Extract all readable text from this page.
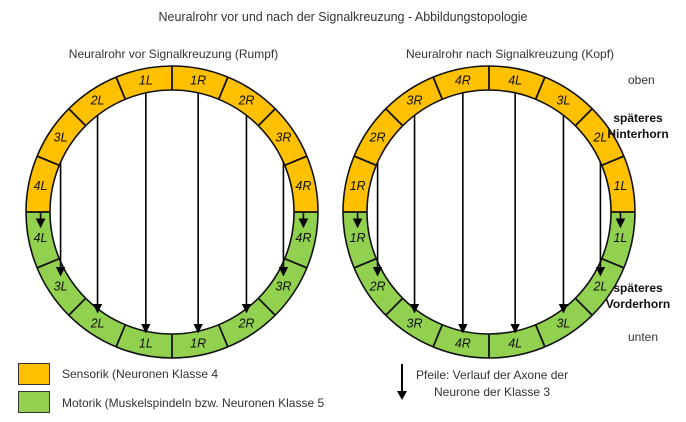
4L
3L
2L
1L	1R
2R
3R
4R
4L
3L
2L
1L	1R
2R
3R
4R
1R
2R
3R
4R	4L
3L
2L
1L
1R
2R
3R
4R	4L
3L
2L
1L
Neuralrohr vor und nach der Signalkreuzung - Abbildungstopologie
Neuralrohr vor Signalkreuzung (Rumpf)	Neuralrohr nach Signalkreuzung (Kopf)
oben
späteres
Hinterhorn
späteres
Vorderhorn
unten
Sensorik (Neuronen Klasse 4
Motorik (Muskelspindeln bzw. Neuronen Klasse 5
Pfeile: Verlauf der Axone der
Neurone der Klasse 3
